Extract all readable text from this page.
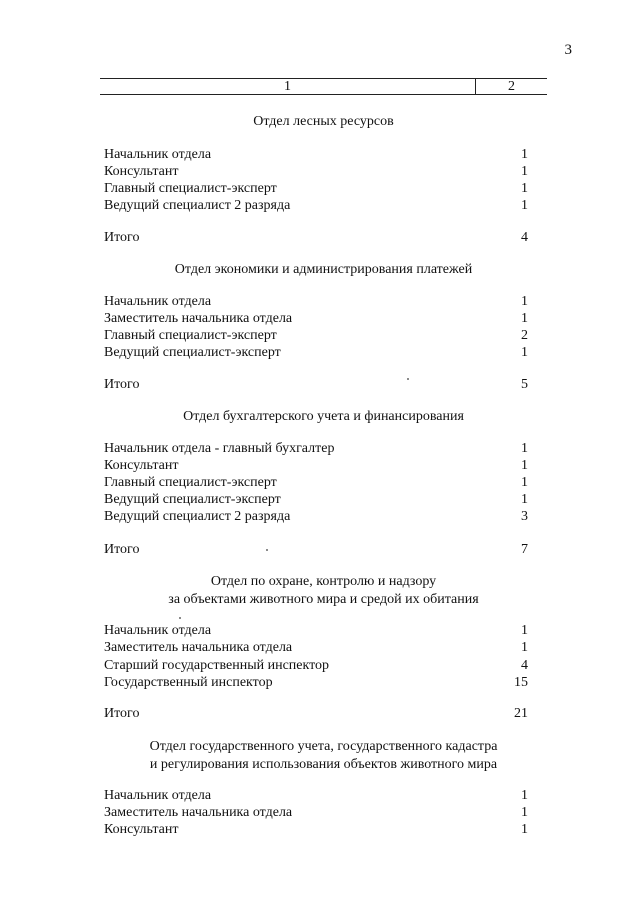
3
1	2
Отдел лесных ресурсов
Начальник отдела	1
Консультант	1
Главный специалист-эксперт	1
Ведущий специалист 2 разряда	1
Итого	4
Отдел экономики и администрирования платежей
Начальник отдела	1
Заместитель начальника отдела	1
Главный специалист-эксперт	2
Ведущий специалист-эксперт	1
Итого	5
Отдел бухгалтерского учета и финансирования
Начальник отдела - главный бухгалтер	1
Консультант	1
Главный специалист-эксперт	1
Ведущий специалист-эксперт	1
Ведущий специалист 2 разряда	3
Итого	7
Отдел по охране, контролю и надзору
за объектами животного мира и средой их обитания
Начальник отдела	1
Заместитель начальника отдела	1
Старший государственный инспектор	4
Государственный инспектор	15
Итого	21
Отдел государственного учета, государственного кадастра
и регулирования использования объектов животного мира
Начальник отдела	1
Заместитель начальника отдела	1
Консультант	1
